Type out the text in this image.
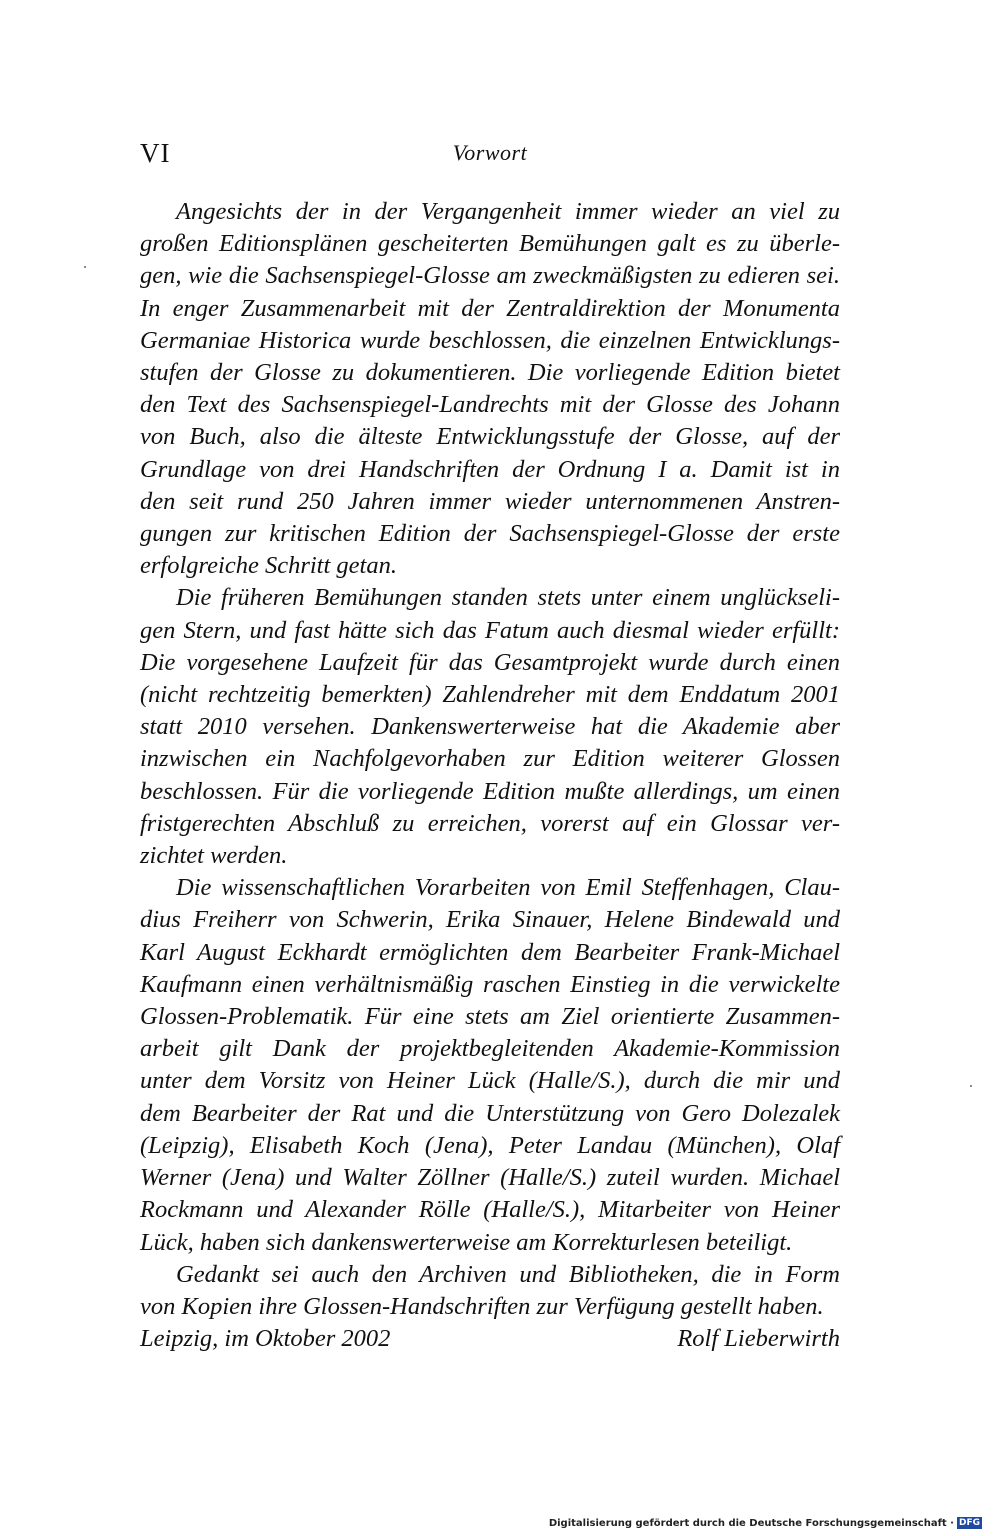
VI	Vorwort

Angesichts der in der Vergangenheit immer wieder an viel zu
großen Editionsplänen gescheiterten Bemühungen galt es zu überle-
gen, wie die Sachsenspiegel-Glosse am zweckmäßigsten zu edieren sei.
In enger Zusammenarbeit mit der Zentraldirektion der Monumenta
Germaniae Historica wurde beschlossen, die einzelnen Entwicklungs-
stufen der Glosse zu dokumentieren. Die vorliegende Edition bietet
den Text des Sachsenspiegel-Landrechts mit der Glosse des Johann
von Buch, also die älteste Entwicklungsstufe der Glosse, auf der
Grundlage von drei Handschriften der Ordnung I a. Damit ist in
den seit rund 250 Jahren immer wieder unternommenen Anstren-
gungen zur kritischen Edition der Sachsenspiegel-Glosse der erste
erfolgreiche Schritt getan.

Die früheren Bemühungen standen stets unter einem unglückseli-
gen Stern, und fast hätte sich das Fatum auch diesmal wieder erfüllt:
Die vorgesehene Laufzeit für das Gesamtprojekt wurde durch einen
(nicht rechtzeitig bemerkten) Zahlendreher mit dem Enddatum 2001
statt 2010 versehen. Dankenswerterweise hat die Akademie aber
inzwischen ein Nachfolgevorhaben zur Edition weiterer Glossen
beschlossen. Für die vorliegende Edition mußte allerdings, um einen
fristgerechten Abschluß zu erreichen, vorerst auf ein Glossar ver-
zichtet werden.

Die wissenschaftlichen Vorarbeiten von Emil Steffenhagen, Clau-
dius Freiherr von Schwerin, Erika Sinauer, Helene Bindewald und
Karl August Eckhardt ermöglichten dem Bearbeiter Frank-Michael
Kaufmann einen verhältnismäßig raschen Einstieg in die verwickelte
Glossen-Problematik. Für eine stets am Ziel orientierte Zusammen-
arbeit gilt Dank der projektbegleitenden Akademie-Kommission
unter dem Vorsitz von Heiner Lück (Halle/S.), durch die mir und
dem Bearbeiter der Rat und die Unterstützung von Gero Dolezalek
(Leipzig), Elisabeth Koch (Jena), Peter Landau (München), Olaf
Werner (Jena) und Walter Zöllner (Halle/S.) zuteil wurden. Michael
Rockmann und Alexander Rölle (Halle/S.), Mitarbeiter von Heiner
Lück, haben sich dankenswerterweise am Korrekturlesen beteiligt.

Gedankt sei auch den Archiven und Bibliotheken, die in Form
von Kopien ihre Glossen-Handschriften zur Verfügung gestellt haben.

Leipzig, im Oktober 2002	Rolf Lieberwirth
Digitalisierung gefördert durch die Deutsche Forschungsgemeinschaft · DFG
